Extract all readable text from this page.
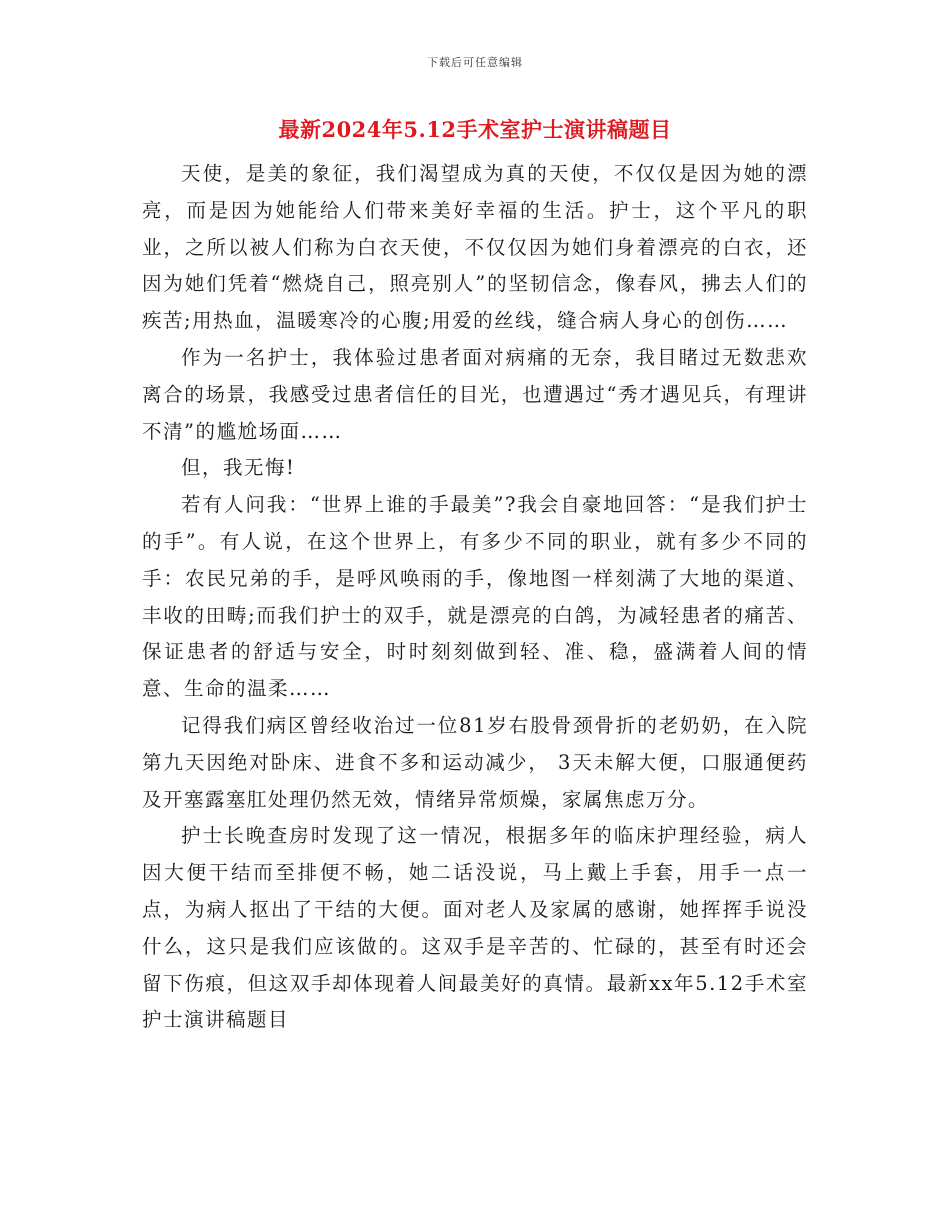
下载后可任意编辑
最新2024年5.12手术室护士演讲稿题目

天使，是美的象征，我们渴望成为真的天使，不仅仅是因为她的漂亮，而是因为她能给人们带来美好幸福的生活。护士，这个平凡的职业，之所以被人们称为白衣天使，不仅仅因为她们身着漂亮的白衣，还因为她们凭着“燃烧自己，照亮别人”的坚韧信念，像春风，拂去人们的疾苦;用热血，温暖寒冷的心腹;用爱的丝线，缝合病人身心的创伤……

作为一名护士，我体验过患者面对病痛的无奈，我目睹过无数悲欢离合的场景，我感受过患者信任的目光，也遭遇过“秀才遇见兵，有理讲不清”的尴尬场面……

但，我无悔!

若有人问我：“世界上谁的手最美”?我会自豪地回答：“是我们护士的手”。有人说，在这个世界上，有多少不同的职业，就有多少不同的手：农民兄弟的手，是呼风唤雨的手，像地图一样刻满了大地的渠道、丰收的田畴;而我们护士的双手，就是漂亮的白鸽，为减轻患者的痛苦、保证患者的舒适与安全，时时刻刻做到轻、准、稳，盛满着人间的情意、生命的温柔……

记得我们病区曾经收治过一位81岁右股骨颈骨折的老奶奶，在入院第九天因绝对卧床、进食不多和运动减少， 3天未解大便，口服通便药及开塞露塞肛处理仍然无效，情绪异常烦燥，家属焦虑万分。

护士长晚查房时发现了这一情况，根据多年的临床护理经验，病人因大便干结而至排便不畅，她二话没说，马上戴上手套，用手一点一点，为病人抠出了干结的大便。面对老人及家属的感谢，她挥挥手说没什么，这只是我们应该做的。这双手是辛苦的、忙碌的，甚至有时还会留下伤痕，但这双手却体现着人间最美好的真情。最新xx年5.12手术室护士演讲稿题目
